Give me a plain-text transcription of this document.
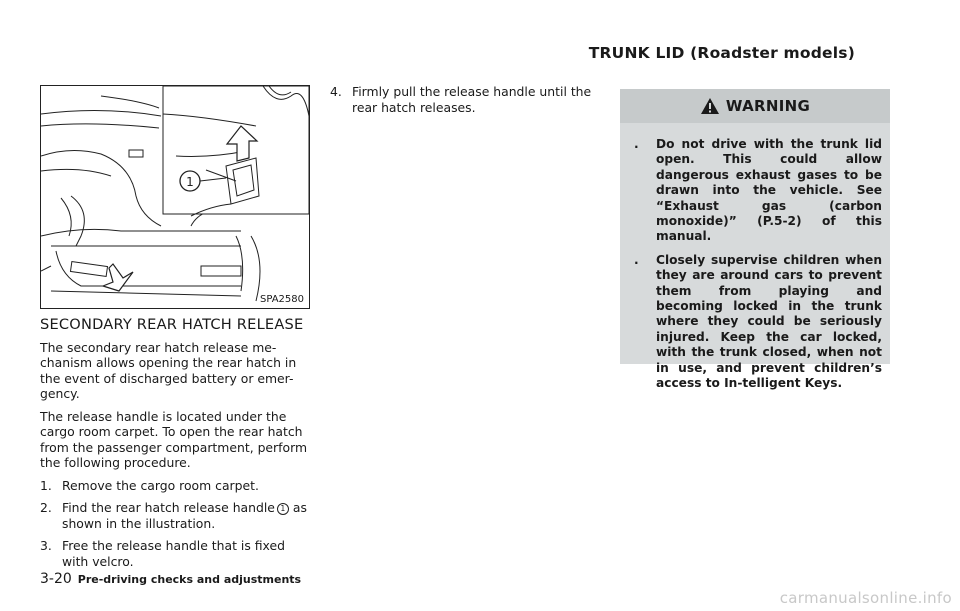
TRUNK LID (Roadster models)
1
SPA2580
SECONDARY REAR HATCH RELEASE
The secondary rear hatch release me-chanism allows opening the rear hatch in the event of discharged battery or emer-gency.
The release handle is located under the cargo room carpet. To open the rear hatch from the passenger compartment, perform the following procedure.
1. Remove the cargo room carpet.
2. Find the rear hatch release handle 1 as shown in the illustration.
3. Free the release handle that is fixed with velcro.
4. Firmly pull the release handle until the rear hatch releases.	WARNING
.	Do not drive with the trunk lid open. This could allow dangerous exhaust gases to be drawn into the vehicle. See “Exhaust gas (carbon monoxide)” (P.5-2) of this manual.
.	Closely supervise children when they are around cars to prevent them from playing and becoming locked in the trunk where they could be seriously injured. Keep the car locked, with the trunk closed, when not in use, and prevent children’s access to In-telligent Keys.
3-20 Pre-driving checks and adjustments
carmanualsonline.info
